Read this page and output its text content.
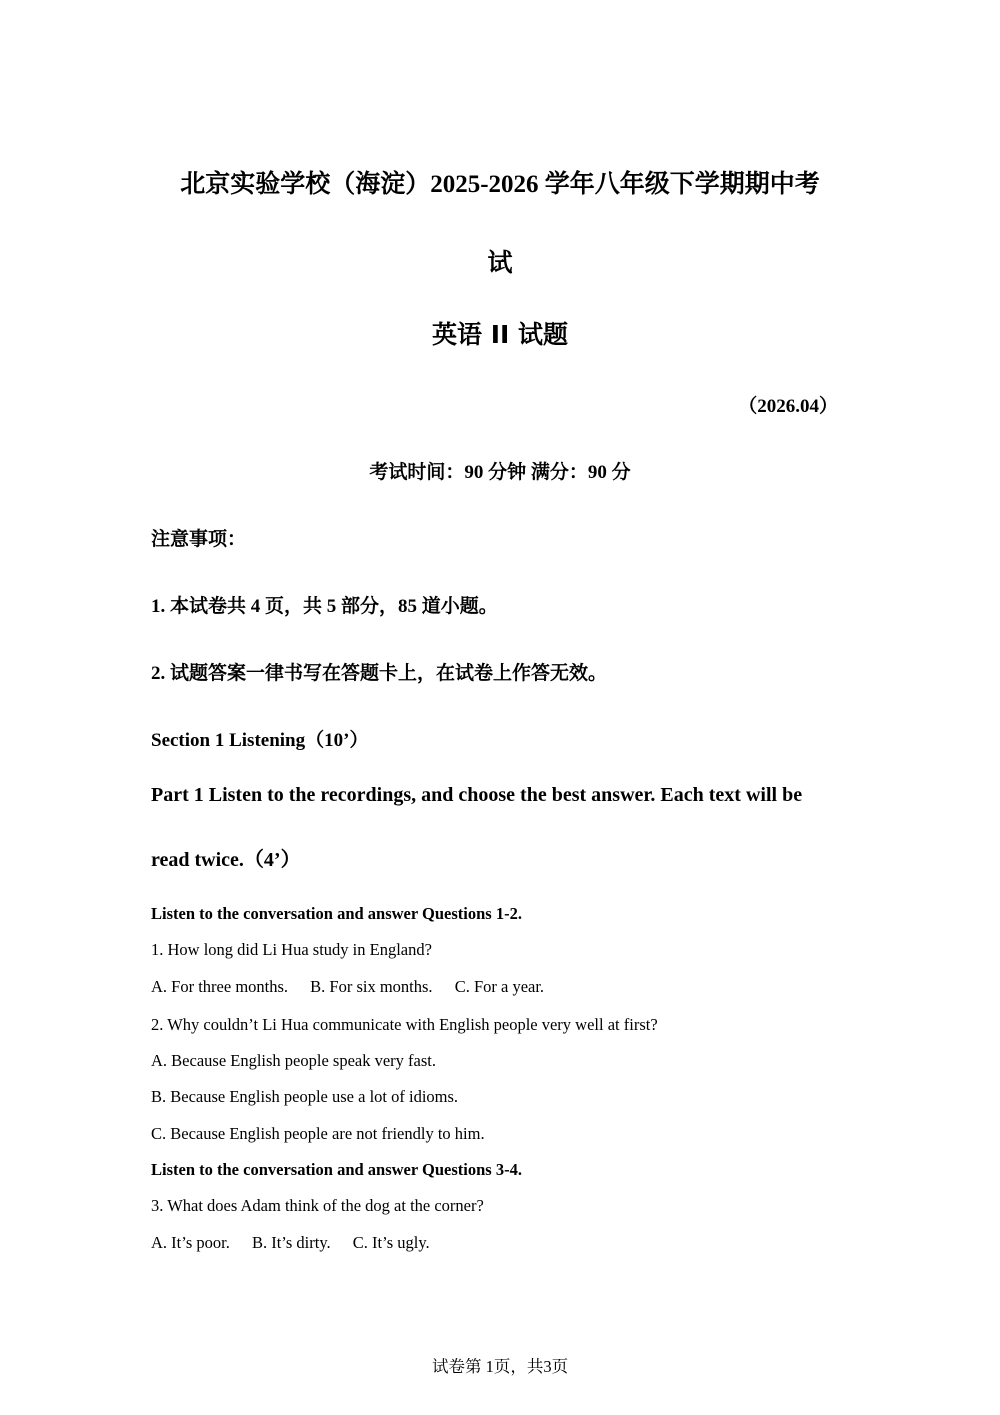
北京实验学校（海淀）2025-2026 学年八年级下学期期中考
试
英语 II 试题
（2026.04）
考试时间：90 分钟 满分：90 分
注意事项：
1. 本试卷共 4 页，共 5 部分，85 道小题。
2. 试题答案一律书写在答题卡上，在试卷上作答无效。
Section 1 Listening（10’）
Part 1 Listen to the recordings, and choose the best answer. Each text will be
read twice.（4’）
Listen to the conversation and answer Questions 1-2.
1. How long did Li Hua study in England?
A. For three months. B. For six months. C. For a year.
2. Why couldn’t Li Hua communicate with English people very well at first?
A. Because English people speak very fast.
B. Because English people use a lot of idioms.
C. Because English people are not friendly to him.
Listen to the conversation and answer Questions 3-4.
3. What does Adam think of the dog at the corner?
A. It’s poor. B. It’s dirty. C. It’s ugly.
试卷第 1页，共3页
